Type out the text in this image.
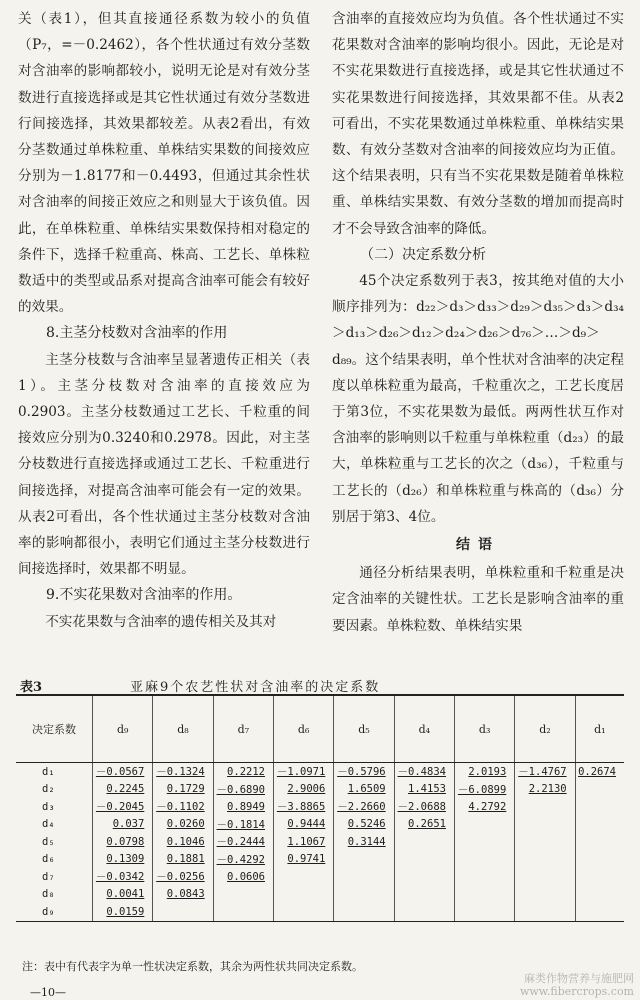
关（表1），但其直接通径系数为较小的负值（P₇，=－0.2462），各个性状通过有效分茎数对含油率的影响都较小，说明无论是对有效分茎数进行直接选择或是其它性状通过有效分茎数进行间接选择，其效果都较差。从表2看出，有效分茎数通过单株粒重、单株结实果数的间接效应分别为－1.8177和－0.4493，但通过其余性状对含油率的间接正效应之和则显大于该负值。因此，在单株粒重、单株结实果数保持相对稳定的条件下，选择千粒重高、株高、工艺长、单株粒数适中的类型或品系对提高含油率可能会有较好的效果。

8.主茎分枝数对含油率的作用

主茎分枝数与含油率呈显著遗传正相关（表1）。主茎分枝数对含油率的直接效应为0.2903。主茎分枝数通过工艺长、千粒重的间接效应分别为0.3240和0.2978。因此，对主茎分枝数进行直接选择或通过工艺长、千粒重进行间接选择，对提高含油率可能会有一定的效果。从表2可看出，各个性状通过主茎分枝数对含油率的影响都很小，表明它们通过主茎分枝数进行间接选择时，效果都不明显。

9.不实花果数对含油率的作用。

不实花果数与含油率的遗传相关及其对

含油率的直接效应均为负值。各个性状通过不实花果数对含油率的影响均很小。因此，无论是对不实花果数进行直接选择，或是其它性状通过不实花果数进行间接选择，其效果都不佳。从表2可看出，不实花果数通过单株粒重、单株结实果数、有效分茎数对含油率的间接效应均为正值。这个结果表明，只有当不实花果数是随着单株粒重、单株结实果数、有效分茎数的增加而提高时才不会导致含油率的降低。

（二）决定系数分析

45个决定系数列于表3，按其绝对值的大小顺序排列为：d₂₂＞d₃＞d₃₃＞d₂₉＞d₃₅＞d₃＞d₃₄＞d₁₃＞d₂₆＞d₁₂＞d₂₄＞d₂₆＞d₇₆＞…＞d₉＞d₈₉。这个结果表明，单个性状对含油率的决定程度以单株粒重为最高，千粒重次之，工艺长度居于第3位，不实花果数为最低。两两性状互作对含油率的影响则以千粒重与单株粒重（d₂₃）的最大，单株粒重与工艺长的次之（d₃₆），千粒重与工艺长的（d₂₆）和单株粒重与株高的（d₃₆）分别居于第3、4位。

结语

通径分析结果表明，单株粒重和千粒重是决定含油率的关键性状。工艺长是影响含油率的重要因素。单株粒数、单株结实果

表3	亚麻9个农艺性状对含油率的决定系数
决定系数	d₉	d₈	d₇	d₆	d₅	d₄	d₃	d₂	d₁
d₁	－0.0567	－0.1324	0.2212	－1.0971	－0.5796	－0.4834	2.0193	－1.4767	0.2674
d₂	0.2245	0.1729	－0.6890	2.9006	1.6509	1.4153	－6.0899	2.2130	
d₃	－0.2045	－0.1102	0.8949	－3.8865	－2.2660	－2.0688	4.2792		
d₄	0.037	0.0260	－0.1814	0.9444	0.5246	0.2651			
d₅	0.0798	0.1046	－0.2444	1.1067	0.3144				
d₆	0.1309	0.1881	－0.4292	0.9741					
d₇	－0.0342	－0.0256	0.0606						
d₈	0.0041	0.0843							
d₉	0.0159								
注：表中有代表字为单一性状决定系数，其余为两性状共同决定系数。
—10—
麻类作物营养与施肥网
www.fibercrops.com
